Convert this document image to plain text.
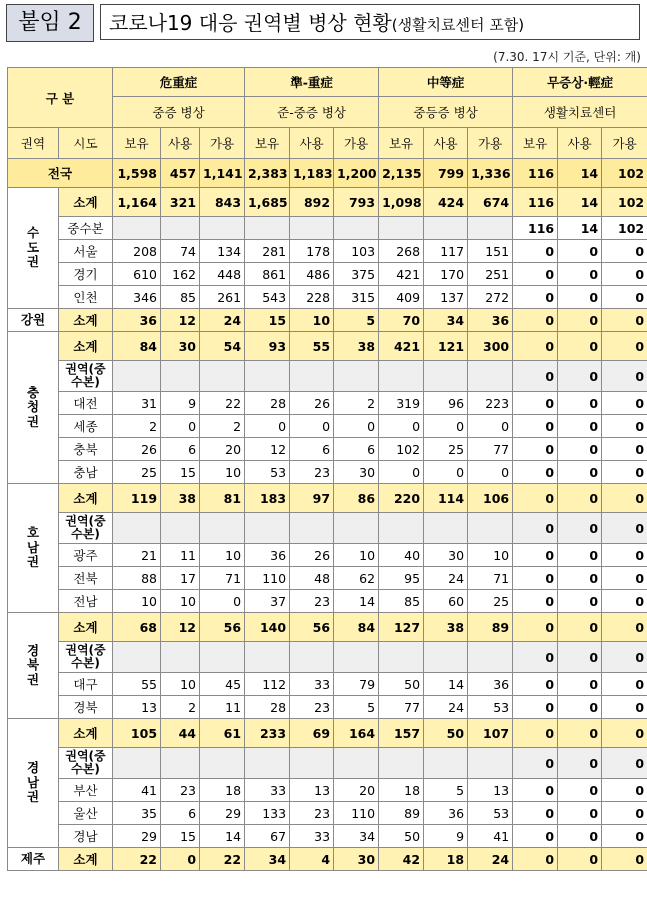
붙임 2	코로나19 대응 권역별 병상 현황(생활치료센터 포함)
(7.30. 17시 기준, 단위: 개)
구 분		危重症			準-重症			中等症			무증상·輕症		
		중증 병상			준-중증 병상			중등증 병상			생활치료센터		
권역	시도	보유	사용	가용	보유	사용	가용	보유	사용	가용	보유	사용	가용
전국		1,598	457	1,141	2,383	1,183	1,200	2,135	799	1,336	116	14	102
수도권	소계	1,164	321	843	1,685	892	793	1,098	424	674	116	14	102
	중수본										116	14	102
	서울	208	74	134	281	178	103	268	117	151	0	0	0
	경기	610	162	448	861	486	375	421	170	251	0	0	0
	인천	346	85	261	543	228	315	409	137	272	0	0	0
강원	소계	36	12	24	15	10	5	70	34	36	0	0	0
충청권	소계	84	30	54	93	55	38	421	121	300	0	0	0
	권역(중수본)										0	0	0
	대전	31	9	22	28	26	2	319	96	223	0	0	0
	세종	2	0	2	0	0	0	0	0	0	0	0	0
	충북	26	6	20	12	6	6	102	25	77	0	0	0
	충남	25	15	10	53	23	30	0	0	0	0	0	0
호남권	소계	119	38	81	183	97	86	220	114	106	0	0	0
	권역(중수본)										0	0	0
	광주	21	11	10	36	26	10	40	30	10	0	0	0
	전북	88	17	71	110	48	62	95	24	71	0	0	0
	전남	10	10	0	37	23	14	85	60	25	0	0	0
경북권	소계	68	12	56	140	56	84	127	38	89	0	0	0
	권역(중수본)										0	0	0
	대구	55	10	45	112	33	79	50	14	36	0	0	0
	경북	13	2	11	28	23	5	77	24	53	0	0	0
경남권	소계	105	44	61	233	69	164	157	50	107	0	0	0
	권역(중수본)										0	0	0
	부산	41	23	18	33	13	20	18	5	13	0	0	0
	울산	35	6	29	133	23	110	89	36	53	0	0	0
	경남	29	15	14	67	33	34	50	9	41	0	0	0
제주	소계	22	0	22	34	4	30	42	18	24	0	0	0
